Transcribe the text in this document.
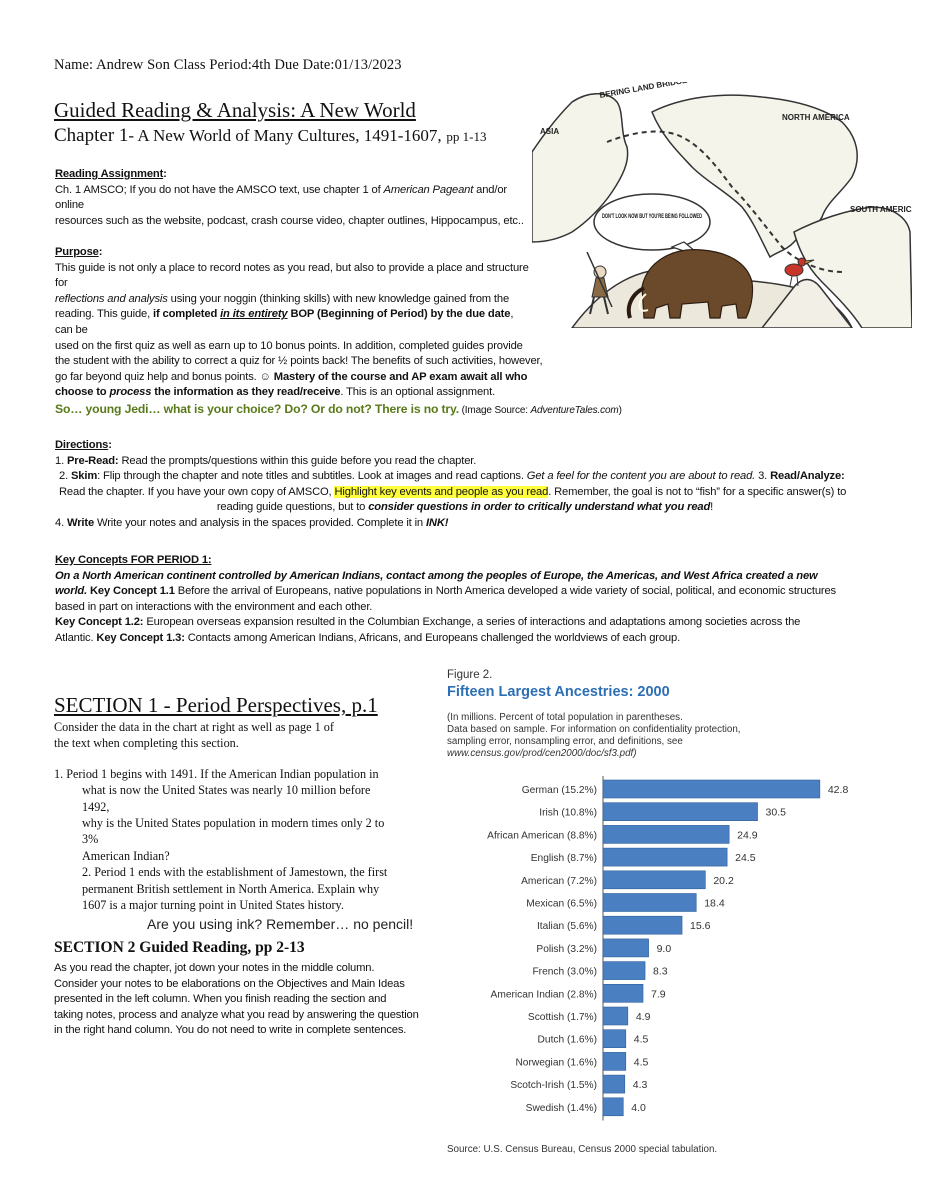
Name: Andrew Son Class Period:4th Due Date:01/13/2023
Guided Reading & Analysis: A New World
Chapter 1- A New World of Many Cultures, 1491-1607, pp 1-13

Reading Assignment:

Ch. 1 AMSCO; If you do not have the AMSCO text, use chapter 1 of American Pageant and/or

online

resources such as the website, podcast, crash course video, chapter outlines, Hippocampus, etc..

Purpose:

This guide is not only a place to record notes as you read, but also to provide a place and structure

for

reflections and analysis using your noggin (thinking skills) with new knowledge gained from the

reading. This guide, if completed in its entirety BOP (Beginning of Period) by the due date,

can be

used on the first quiz as well as earn up to 10 bonus points. In addition, completed guides provide

the student with the ability to correct a quiz for ½ points back! The benefits of such activities, however,

go far beyond quiz help and bonus points. ☺ Mastery of the course and AP exam await all who

choose to process the information as they read/receive. This is an optional assignment.

So… young Jedi… what is your choice? Do? Or do not? There is no try. (Image Source: AdventureTales.com)

Directions:

1. Pre-Read: Read the prompts/questions within this guide before you read the chapter.

2. Skim: Flip through the chapter and note titles and subtitles. Look at images and read captions. Get a feel for the content you are about to read. 3. Read/Analyze:

Read the chapter. If you have your own copy of AMSCO, Highlight key events and people as you read. Remember, the goal is not to “fish” for a specific answer(s) to

reading guide questions, but to consider questions in order to critically understand what you read!

4. Write Write your notes and analysis in the spaces provided. Complete it in INK!

Key Concepts FOR PERIOD 1:

On a North American continent controlled by American Indians, contact among the peoples of Europe, the Americas, and West Africa created a new

world. Key Concept 1.1 Before the arrival of Europeans, native populations in North America developed a wide variety of social, political, and economic structures

based in part on interactions with the environment and each other.

Key Concept 1.2: European overseas expansion resulted in the Columbian Exchange, a series of interactions and adaptations among societies across the

Atlantic. Key Concept 1.3: Contacts among American Indians, Africans, and Europeans challenged the worldviews of each group.

SECTION 1 - Period Perspectives, p.1

Consider the data in the chart at right as well as page 1 of

the text when completing this section.

1. Period 1 begins with 1491. If the American Indian population in

what is now the United States was nearly 10 million before

1492,

why is the United States population in modern times only 2 to

3%

American Indian?

2. Period 1 ends with the establishment of Jamestown, the first

permanent British settlement in North America. Explain why

1607 is a major turning point in United States history.

Are you using ink? Remember… no pencil!
SECTION 2 Guided Reading, pp 2-13

As you read the chapter, jot down your notes in the middle column.

Consider your notes to be elaborations on the Objectives and Main Ideas

presented in the left column. When you finish reading the section and

taking notes, process and analyze what you read by answering the question

in the right hand column. You do not need to write in complete sentences.

BERING LAND BRIDGE
ASIA
NORTH AMERICA
SOUTH AMERICA
DON'T LOOK NOW BUT YOU'RE BEING FOLLOWED
Figure 2.
Fifteen Largest Ancestries: 2000
(In millions. Percent of total population in parentheses.
Data based on sample. For information on confidentiality protection,
sampling error, nonsampling error, and definitions, see
www.census.gov/prod/cen2000/doc/sf3.pdf)
German (15.2%)	42.8
Irish (10.8%)	30.5
African American (8.8%)	24.9
English (8.7%)	24.5
American (7.2%)	20.2
Mexican (6.5%)	18.4
Italian (5.6%)	15.6
Polish (3.2%)	9.0
French (3.0%)	8.3
American Indian (2.8%)	7.9
Scottish (1.7%)	4.9
Dutch (1.6%)	4.5
Norwegian (1.6%)	4.5
Scotch-Irish (1.5%)	4.3
Swedish (1.4%)	4.0
Source: U.S. Census Bureau, Census 2000 special tabulation.
